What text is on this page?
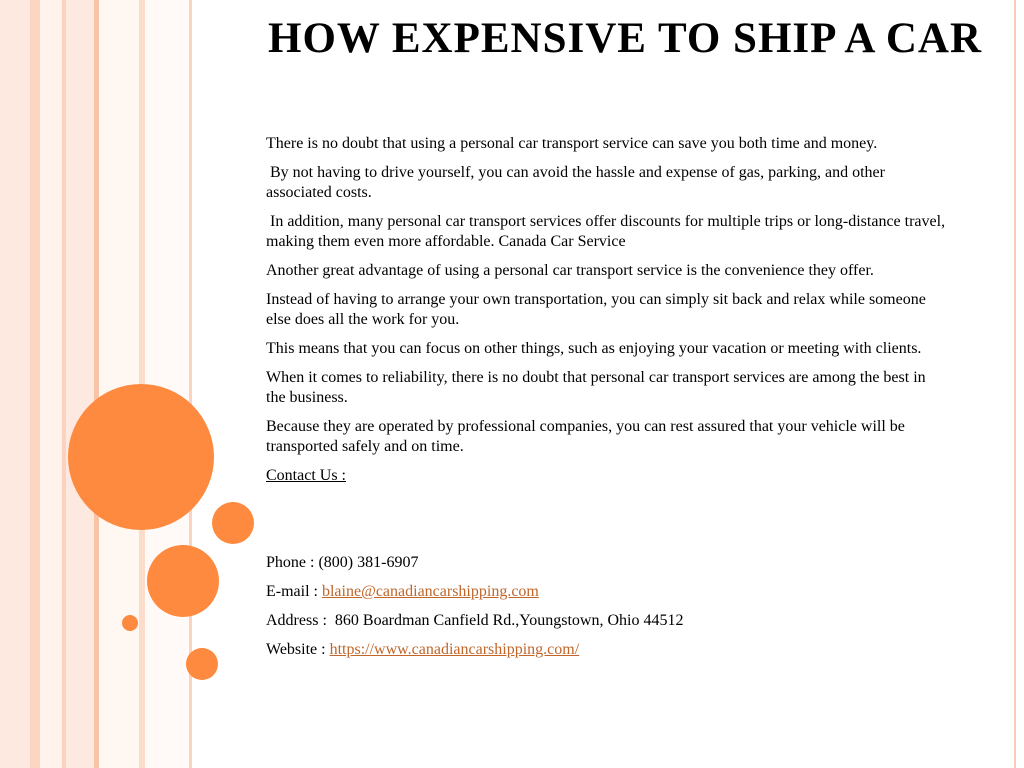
HOW EXPENSIVE TO SHIP A CAR

There is no doubt that using a personal car transport service can save you both time and money.

By not having to drive yourself, you can avoid the hassle and expense of gas, parking, and other associated costs.

In addition, many personal car transport services offer discounts for multiple trips or long-distance travel, making them even more affordable. Canada Car Service

Another great advantage of using a personal car transport service is the convenience they offer.

Instead of having to arrange your own transportation, you can simply sit back and relax while someone else does all the work for you.

This means that you can focus on other things, such as enjoying your vacation or meeting with clients.

When it comes to reliability, there is no doubt that personal car transport services are among the best in the business.

Because they are operated by professional companies, you can rest assured that your vehicle will be transported safely and on time.

Contact Us :

Phone : (800) 381-6907
E-mail : blaine@canadiancarshipping.com
Address :  860 Boardman Canfield Rd.,Youngstown, Ohio 44512
Website : https://www.canadiancarshipping.com/
